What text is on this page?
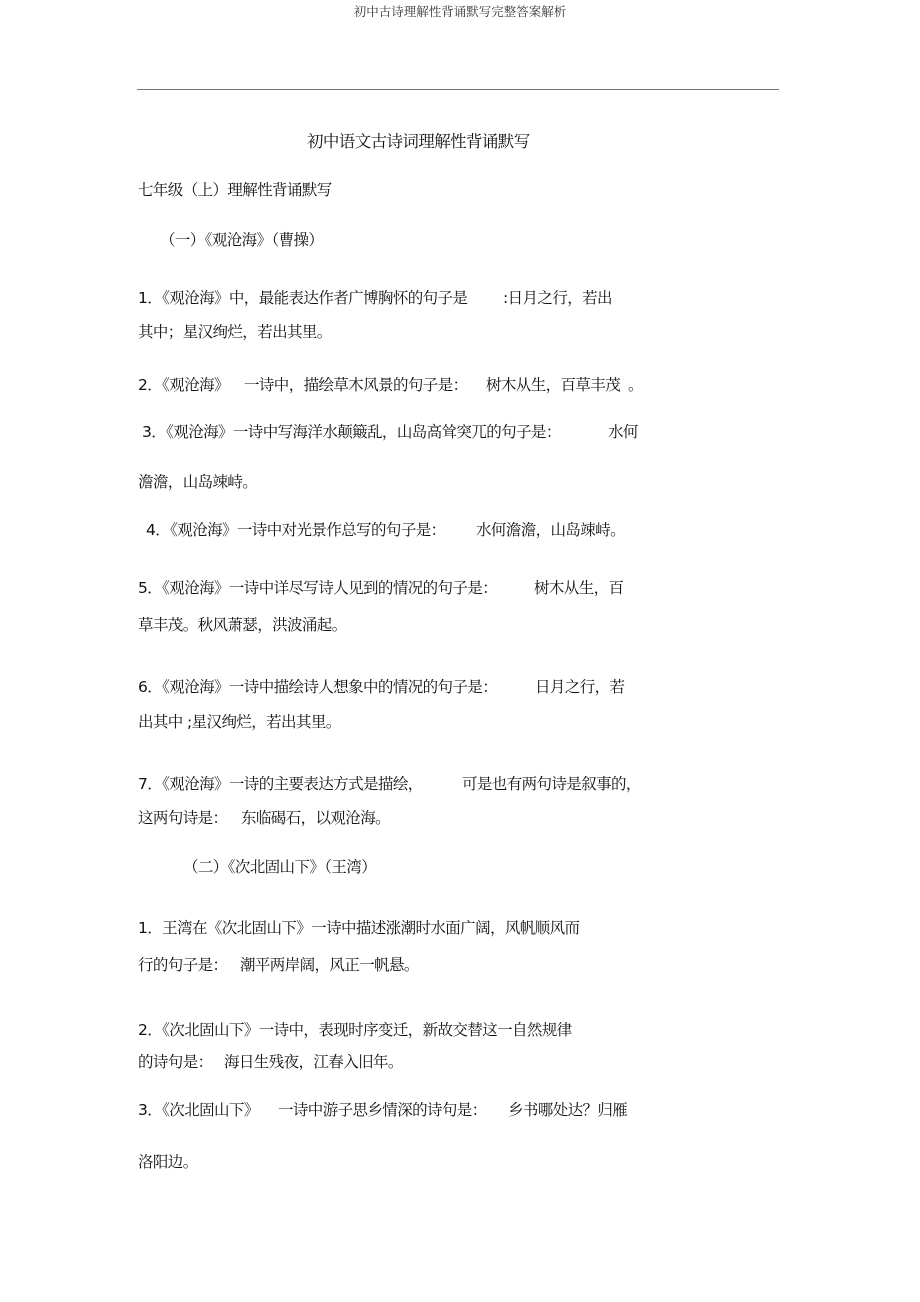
初中古诗理解性背诵默写完整答案解析
初中语文古诗词理解性背诵默写
七年级（上）理解性背诵默写
（一）《观沧海》（曹操）
1．《观沧海》中，最能表达作者广博胸怀的句子是 :日月之行，若出
其中；星汉绚烂，若出其里。
2．《观沧海》 一诗中，描绘草木风景的句子是： 树木从生，百草丰茂 。
3．《观沧海》一诗中写海洋水颠簸乱，山岛高耸突兀的句子是：	水何
澹澹，山岛竦峙。
4．《观沧海》一诗中对光景作总写的句子是： 水何澹澹，山岛竦峙。
5．《观沧海》一诗中详尽写诗人见到的情况的句子是： 树木从生，百
草丰茂。秋风萧瑟，洪波涌起。
6．《观沧海》一诗中描绘诗人想象中的情况的句子是： 日月之行，若
出其中 ;星汉绚烂，若出其里。
7．《观沧海》一诗的主要表达方式是描绘，	可是也有两句诗是叙事的，
这两句诗是： 东临碣石，以观沧海。
（二）《次北固山下》（王湾）
1．王湾在《次北固山下》一诗中描述涨潮时水面广阔，风帆顺风而
行的句子是： 潮平两岸阔，风正一帆悬。
2．《次北固山下》一诗中，表现时序变迁，新故交替这一自然规律
的诗句是： 海日生残夜，江春入旧年。
3．《次北固山下》 一诗中游子思乡情深的诗句是： 乡书哪处达？归雁
洛阳边。
